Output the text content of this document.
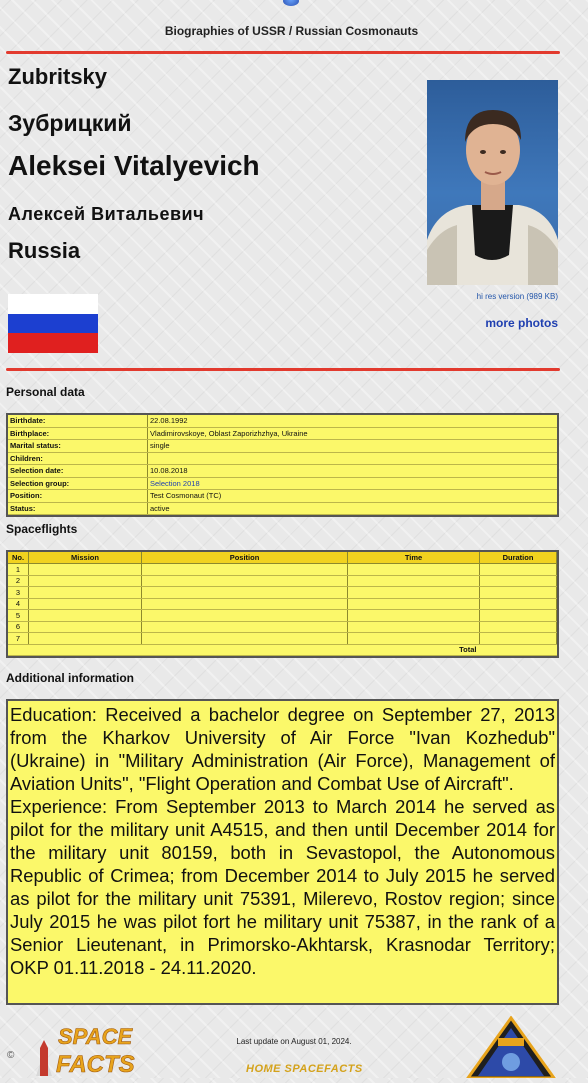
Biographies of USSR / Russian Cosmonauts
Zubritsky
Зубрицкий
Aleksei Vitalyevich
Алексей Витальевич
Russia
hi res version (989 KB)
more photos
Personal data
Birthdate:	22.08.1992
Birthplace:	Vladimirovskoye, Oblast Zaporizhzhya, Ukraine
Marital status:	single
Children:	
Selection date:	10.08.2018
Selection group:	Selection 2018
Position:	Test Cosmonaut (TC)
Status:	active
Spaceflights
No.	Mission	Position	Time	Duration
1				
2				
3				
4				
5				
6				
7				
Total				
Additional information

Education: Received a bachelor degree on September 27, 2013 from the Kharkov University of Air Force "Ivan Kozhedub" (Ukraine) in "Military Administration (Air Force), Management of Aviation Units", "Flight Operation and Combat Use of Aircraft".

Experience: From September 2013 to March 2014 he served as pilot for the military unit A4515, and then until December 2014 for the military unit 80159, both in Sevastopol, the Autonomous Republic of Crimea; from December 2014 to July 2015 he served as pilot for the military unit 75391, Milerevo, Rostov region; since July 2015 he was pilot fort he military unit 75387, in the rank of a Senior Lieutenant, in Primorsko-Akhtarsk, Krasnodar Territory; OKP 01.11.2018 - 24.11.2020.

©
SPACE
FACTS
Last update on August 01, 2024.
HOME SPACEFACTS
